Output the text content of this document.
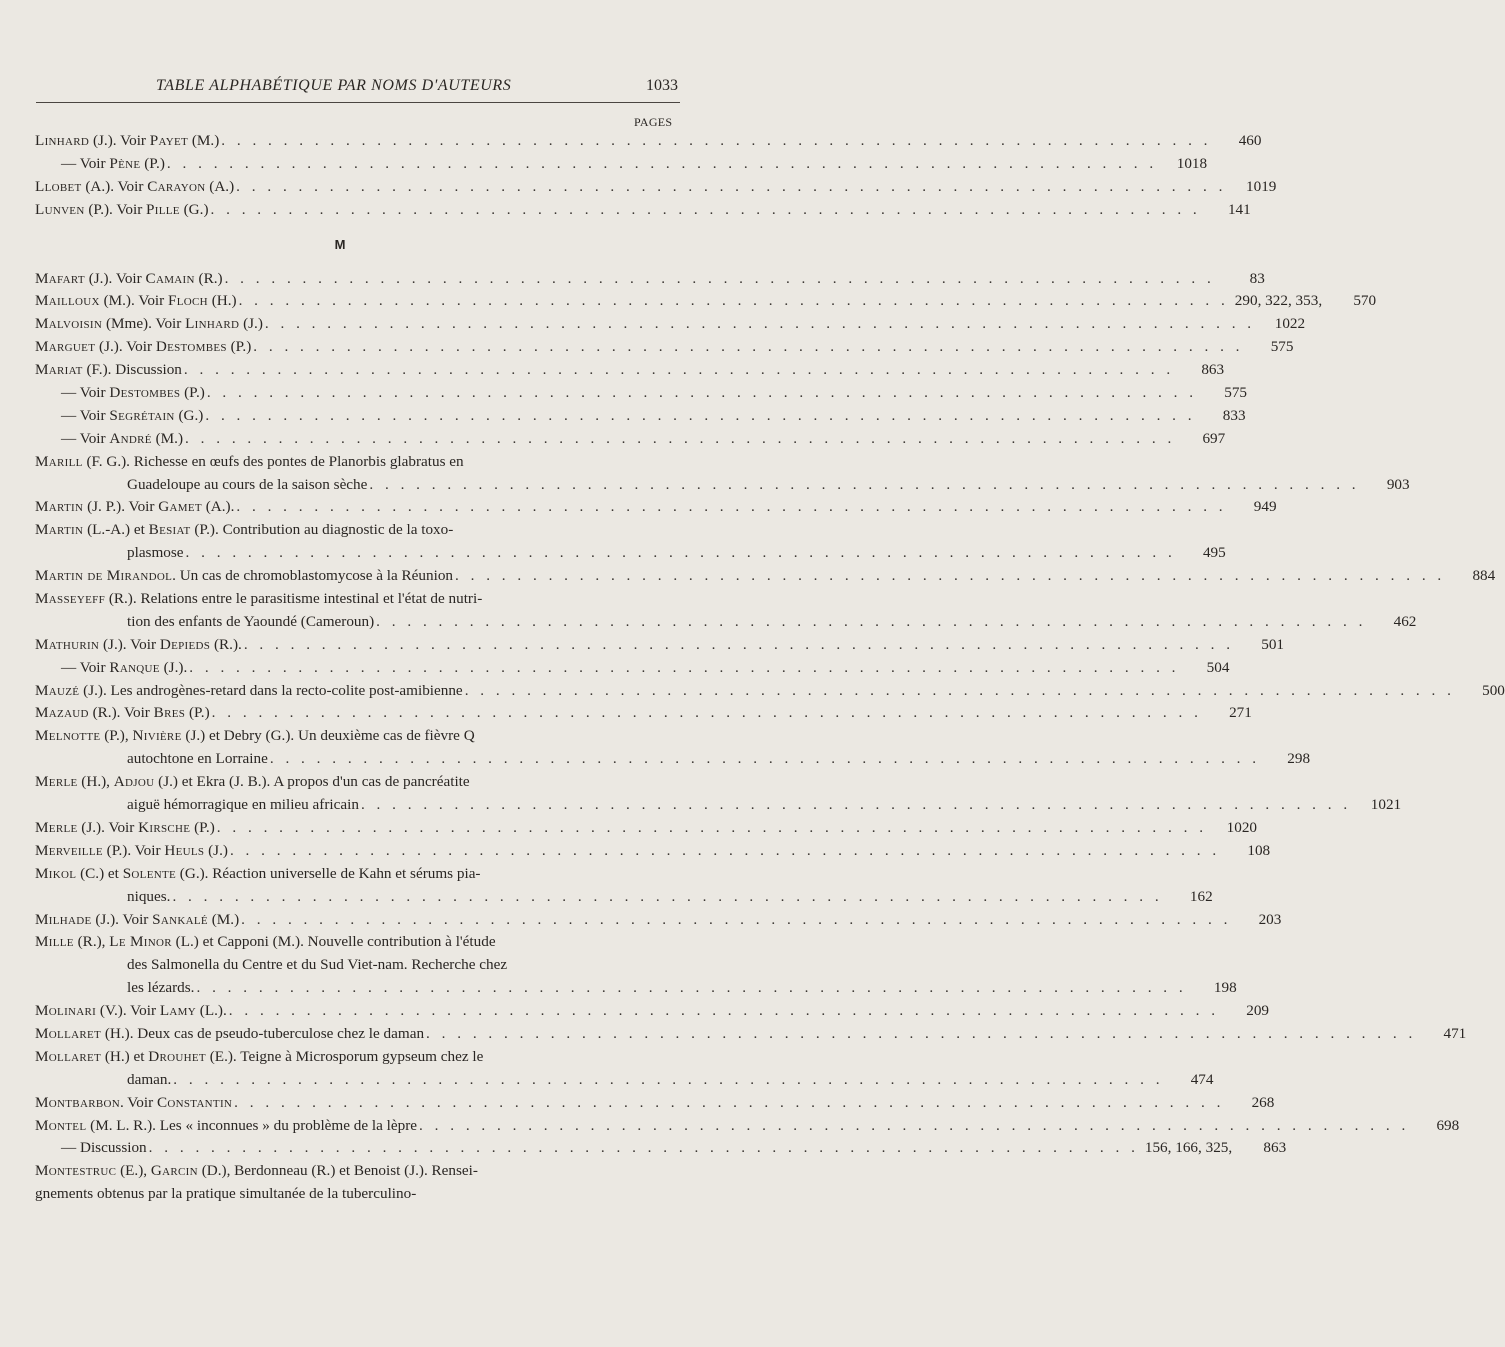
TABLE ALPHABÉTIQUE PAR NOMS D'AUTEURS	1033
PAGES
Linhard (J.). Voir Payet (M.) . . .	460
— Voir Pène (P.) . . .	1018
Llobet (A.). Voir Carayon (A.) . . .	1019
Lunven (P.). Voir Pille (G.) . . .	141
M
Mafart (J.). Voir Camain (R.) . . .	83
Mailloux (M.). Voir Floch (H.) . . .	290, 322, 353,	570
Malvoisin (Mme). Voir Linhard (J.) . . .	1022
Marguet (J.). Voir Destombes (P.) . . .	575
Mariat (F.). Discussion . . .	863
— Voir Destombes (P.) . . .	575
— Voir Segrétain (G.) . . .	833
— Voir André (M.) . . .	697
Marill (F. G.). Richesse en œufs des pontes de Planorbis glabratus en
Guadeloupe au cours de la saison sèche . . .	903
Martin (J. P.). Voir Gamet (A.). . . .	949
Martin (L.-A.) et Besiat (P.). Contribution au diagnostic de la toxo-
plasmose . . .	495
Martin de Mirandol. Un cas de chromoblastomycose à la Réunion . . .	884
Masseyeff (R.). Relations entre le parasitisme intestinal et l'état de nutri-
tion des enfants de Yaoundé (Cameroun) . . .	462
Mathurin (J.). Voir Depieds (R.). . . .	501
— Voir Ranque (J.). . . .	504
Mauzé (J.). Les androgènes-retard dans la recto-colite post-amibienne . . .	500
Mazaud (R.). Voir Bres (P.) . . .	271
Melnotte (P.), Nivière (J.) et Debry (G.). Un deuxième cas de fièvre Q
autochtone en Lorraine . . .	298
Merle (H.), Adjou (J.) et Ekra (J. B.). A propos d'un cas de pancréatite
aiguë hémorragique en milieu africain . . .	1021
Merle (J.). Voir Kirsche (P.) . . .	1020
Merveille (P.). Voir Heuls (J.) . . .	108
Mikol (C.) et Solente (G.). Réaction universelle de Kahn et sérums pia-
niques. . . .	162
Milhade (J.). Voir Sankalé (M.) . . .	203
Mille (R.), Le Minor (L.) et Capponi (M.). Nouvelle contribution à l'étude
des Salmonella du Centre et du Sud Viet-nam. Recherche chez
les lézards. . . .	198
Molinari (V.). Voir Lamy (L.). . . .	209
Mollaret (H.). Deux cas de pseudo-tuberculose chez le daman . . .	471
Mollaret (H.) et Drouhet (E.). Teigne à Microsporum gypseum chez le
daman. . . .	474
Montbarbon. Voir Constantin . . .	268
Montel (M. L. R.). Les « inconnues » du problème de la lèpre . . .	698
— Discussion . . .	156, 166, 325,	863
Montestruc (E.), Garcin (D.), Berdonneau (R.) et Benoist (J.). Rensei-
gnements obtenus par la pratique simultanée de la tuberculino-
